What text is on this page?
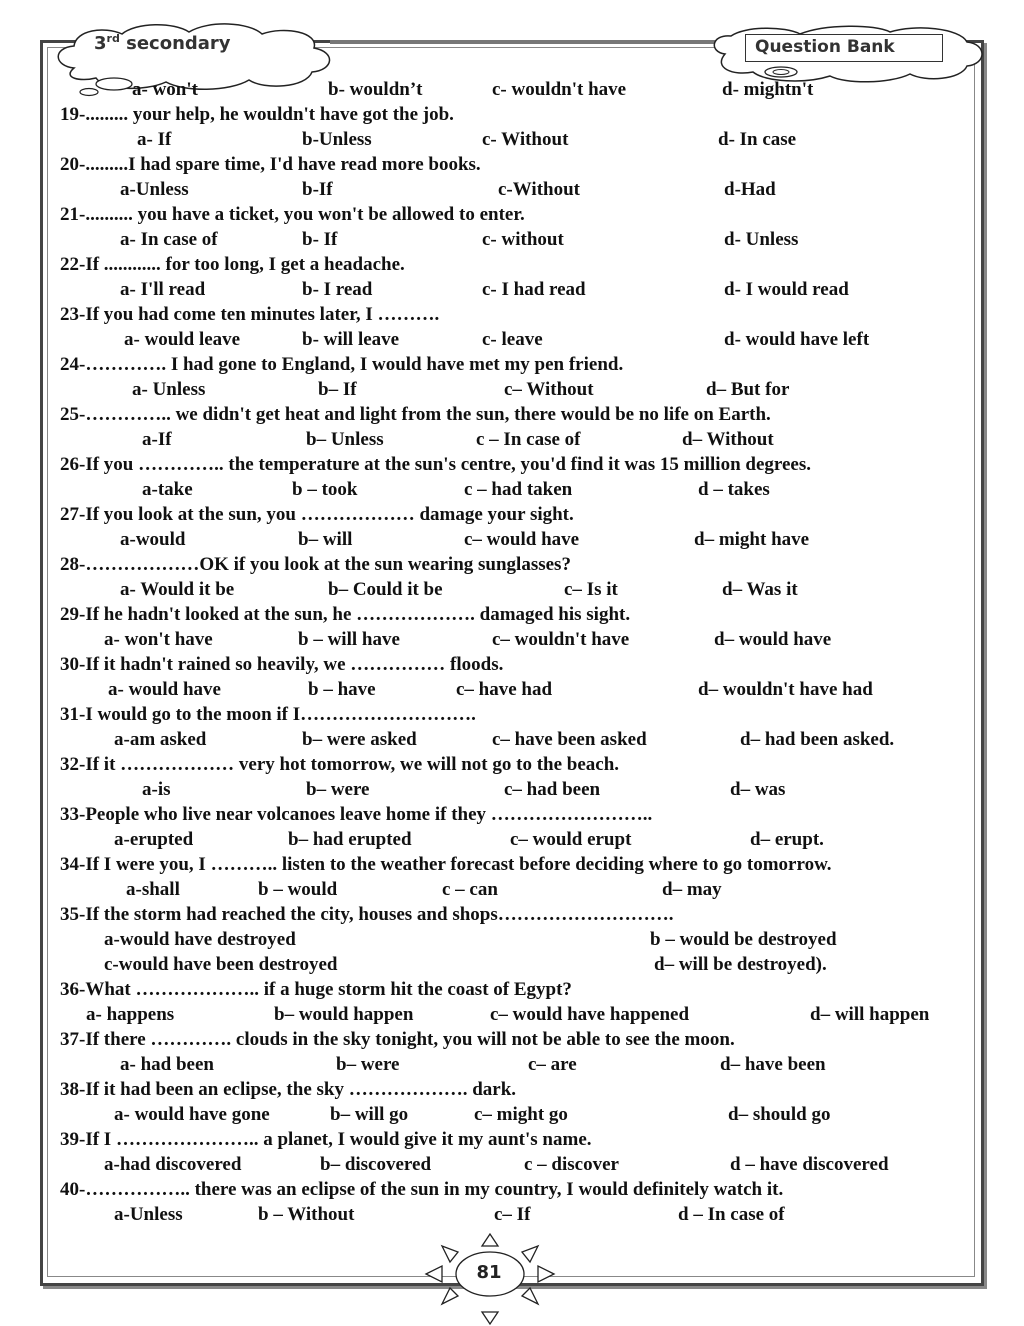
3rd secondary	Question Bank
a- won't	b- wouldn’t	c- wouldn't have	d- mightn't
19-......... your help, he wouldn't have got the job.
a- If	b-Unless	c- Without	d- In case
20-.........I had spare time, I'd have read more books.
a-Unless	b-If	c-Without	d-Had
21-.......... you have a ticket, you won't be allowed to enter.
a- In case of	b- If	c- without	d- Unless
22-If ............ for too long, I get a headache.
a- I'll read	b- I read	c- I had read	d- I would read
23-If you had come ten minutes later, I ……….
a- would leave	b- will leave	c- leave	d- would have left
24-…………. I had gone to England, I would have met my pen friend.
a- Unless	b– If	c– Without	d– But for
25-………….. we didn't get heat and light from the sun, there would be no life on Earth.
a-If	b– Unless	c – In case of	d– Without
26-If you ………….. the temperature at the sun's centre, you'd find it was 15 million degrees.
a-take	b – took	c – had taken	d – takes
27-If you look at the sun, you ……………… damage your sight.
a-would	b– will	c– would have	d– might have
28-………………OK if you look at the sun wearing sunglasses?
a- Would it be	b– Could it be	c– Is it	d– Was it
29-If he hadn't looked at the sun, he ………………. damaged his sight.
a- won't have	b – will have	c– wouldn't have	d– would have
30-If it hadn't rained so heavily, we …………… floods.
a- would have	b – have	c– have had	d– wouldn't have had
31-I would go to the moon if I……………………….
a-am asked	b– were asked	c– have been asked	d– had been asked.
32-If it ……………… very hot tomorrow, we will not go to the beach.
a-is	b– were	c– had been	d– was
33-People who live near volcanoes leave home if they ……………………..
a-erupted	b– had erupted	c– would erupt	d– erupt.
34-If I were you, I ……….. listen to the weather forecast before deciding where to go tomorrow.
a-shall	b – would	c – can	d– may
35-If the storm had reached the city, houses and shops……………………….
a-would have destroyed	b – would be destroyed
c-would have been destroyed	d– will be destroyed).
36-What ……………….. if a huge storm hit the coast of Egypt?
a- happens	b– would happen	c– would have happened	d– will happen
37-If there …………. clouds in the sky tonight, you will not be able to see the moon.
a- had been	b– were	c– are	d– have been
38-If it had been an eclipse, the sky ………………. dark.
a- would have gone	b– will go	c– might go	d– should go
39-If I ………………….. a planet, I would give it my aunt's name.
a-had discovered	b– discovered	c – discover	d – have discovered
40-…………….. there was an eclipse of the sun in my country, I would definitely watch it.
a-Unless	b – Without	c– If	d – In case of
81
